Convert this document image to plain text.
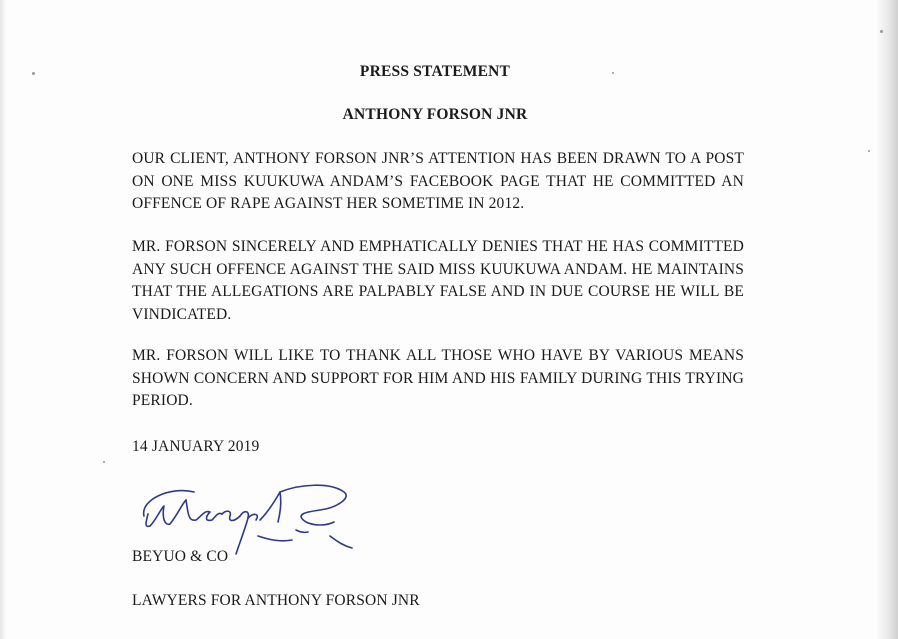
PRESS STATEMENT
ANTHONY FORSON JNR

OUR CLIENT, ANTHONY FORSON JNR’S ATTENTION HAS BEEN DRAWN TO A POST ON ONE MISS KUUKUWA ANDAM’S FACEBOOK PAGE THAT HE COMMITTED AN OFFENCE OF RAPE AGAINST HER SOMETIME IN 2012.

MR. FORSON SINCERELY AND EMPHATICALLY DENIES THAT HE HAS COMMITTED ANY SUCH OFFENCE AGAINST THE SAID MISS KUUKUWA ANDAM. HE MAINTAINS THAT THE ALLEGATIONS ARE PALPABLY FALSE AND IN DUE COURSE HE WILL BE VINDICATED.

MR. FORSON WILL LIKE TO THANK ALL THOSE WHO HAVE BY VARIOUS MEANS SHOWN CONCERN AND SUPPORT FOR HIM AND HIS FAMILY DURING THIS TRYING PERIOD.

14 JANUARY 2019
BEYUO & CO
LAWYERS FOR ANTHONY FORSON JNR
